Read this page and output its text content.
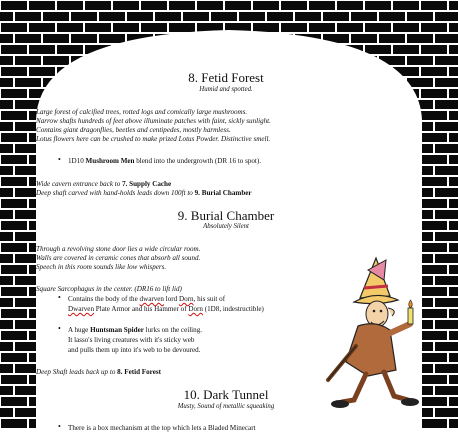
8. Fetid Forest
Humid and spotted.
Large forest of calcified trees, rotted logs and comically large mushrooms.
Narrow shafts hundreds of feet above illuminate patches with faint, sickly sunlight.
Contains giant dragonflies, beetles and centipedes, mostly harmless.
Lotus flowers here can be crushed to make prized Lotus Powder. Distinctive smell.
• 1D10 Mushroom Men blend into the undergrowth (DR 16 to spot).
Wide cavern entrance back to 7. Supply Cache
Deep shaft carved with hand-holds leads down 100ft to 9. Burial Chamber
9. Burial Chamber
Absolutely Silent
Through a revolving stone door lies a wide circular room.
Walls are covered in ceramic cones that absorb all sound.
Speech in this room sounds like low whispers.
Square Sarcophagus in the center. (DR16 to lift lid)
• Contains the body of the dwarven lord Dorn, his suit of
Dwarven Plate Armor and his Hammer of Dorn (1D8, indestructible)
• A huge Huntsman Spider lurks on the ceiling.
It lasso's living creatures with it's sticky web
and pulls them up into it's web to be devoured.
Deep Shaft leads back up to 8. Fetid Forest
10. Dark Tunnel
Musty, Sound of metallic squeaking
• There is a box mechanism at the top which lets a Bladed Minecart
